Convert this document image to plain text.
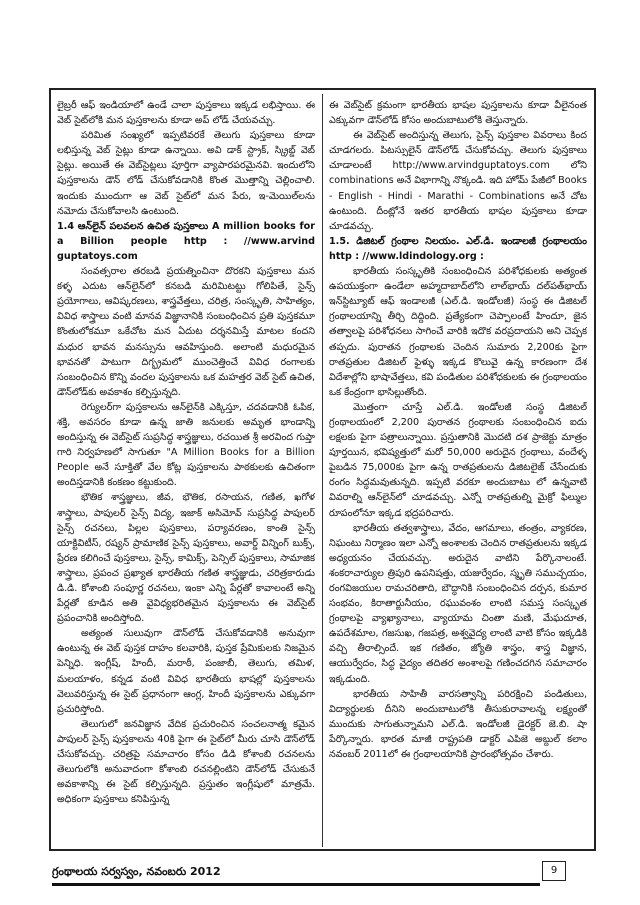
లైబ్రరీ ఆఫ్ ఇండియాలో ఉండే చాలా పుస్తకాలు ఇక్కడ లభిస్తాయి. ఈ వెబ్ సైట్‌లోకి మన పుస్తకాలను కూడా అప్ లోడ్ చేయవచ్చు.

పరిమిత సంఖ్యలో ఇప్పటివరకే తెలుగు పుస్తకాలు కూడా లభిస్తున్న వెబ్ సైట్లు కూడా ఉన్నాయి. అవి డాక్ స్ట్రాక్, స్క్రిబ్డ్ వెబ్ సైట్లు. అయితే ఈ వెబ్‌సైట్లలు పూర్తిగా వ్యాపారపరమైనవి. ఇందులోని పుస్తకాలను డౌన్ లోడ్ చేసుకోవడానికి కొంత మొత్తాన్ని చెల్లించాలి. ఇందుకు ముందుగా ఆ వెబ్ సైట్‌లో మన పేరు, ఇ-మెయిల్‌లను నమోదు చేసుకోవాలసి ఉంటుంది.

1.4 ఆన్‌లైన్ పలవలన ఉచిత పుస్తకాలు A million books for a Billion people http : //www.arvind guptatoys.com

సంవత్సరాల తరబడి ప్రయత్నించినా దొరకని పుస్తకాలు మన కళ్ళ ఎదుట ఆన్‌లైన్‌లో కనబడి మరిమిటట్టు గోలిపితే, సైన్స్ ప్రయోగాలు, ఆవిష్కరణలు, శాస్త్రవేత్తలు, చరిత్ర, సంస్కృతి, సాహిత్యం, వివిధ శాస్త్రాలు వంటి మానవ విజ్ఞానానికి సంబంధించిన ప్రతి పుస్తకమూ కొంతులోకమూ ఒకేచోట మన ఏదుట దర్శనమిస్తే మాటల కందని మధుర భావన మనస్సును ఆవహిస్తుంది. అలాంటి మధురమైన భావనతో పాటుగా దిగ్భ్రమలో ముంచెత్తించే వివిధ రంగాలకు సంబంధించిన కొన్ని వందల పుస్తకాలను ఒక మహత్తర వెబ్ సైట్ ఉచిత, డౌన్‌లోడ్‌కు అవకాశం కల్పిస్తున్నది.

రెగ్యులర్‌గా పుస్తకాలను ఆన్‌లైన్‌కి ఎక్కిస్తూ, చదవడానికి ఓపిక, శక్తి, అవసరం కూడా ఉన్న జాతి జనులకు అమృత భాండాన్ని అందిస్తున్న ఈ వెబ్‌సైట్ సుప్రసిద్ధ శాస్త్రజ్ఞులు, రచయిత శ్రీ అరవింద గుప్తా గారి నిర్వహణలో సాగుతూ "A Million Books for a Billion People అనే సూక్తితో వేల కోట్ల పుస్తకాలను పాఠకులకు ఉచితంగా అందిస్తడానికి కంకణం కట్టుకుంది.

భౌతిక శాస్త్రజ్ఞులు, జీవ, భౌతిక, రసాయన, గణిత, ఖగోళ శాస్త్రాలు, పాపులర్ సైన్స్ విద్య, ఇజాక్ అసిమోవ్ సుప్రసిద్ధ పాపులర్ సైన్స్ రచనలు, పిల్లల పుస్తకాలు, పర్యావరణం, కాంతి సైన్స్ యాక్టివిటీస్, రష్యన్ ప్రామాణిక సైన్స్ పుస్తకాలు, అవార్డ్ విన్నింగ్ బుక్స్, ప్రేరణ కలిగించే పుస్తకాలు, సైన్స్, కామిక్స్, పెన్సిల్ పుస్తకాలు, సామాజిక శాస్త్రాలు, ప్రపంచ ప్రఖ్యాత భారతీయ గణిత శాస్త్రజ్ఞుడు, చరిత్రకారుడు డి.డి. కోశాంబి సంపూర్ణ రచనలు, ఇంకా ఎన్ని పేర్లతో కావాలంటే అన్ని పేర్లతో కూడిన అతి వైవిధ్యభరితమైన పుస్తకాలను ఈ వెబ్‌సైట్ ప్రపంచానికి అందిస్తోంది.

అత్యంత సులువుగా డౌన్‌లోడ్ చేసుకోవడానికి అనువుగా ఉంటున్న ఈ వెబ్ పుస్తక దాహం కలవారికి, పుస్తక ప్రేమికులకు నిజమైన పెన్నిధి. ఇంగ్లీష్, హిందీ, మరాఠీ, పంజాబీ, తెలుగు, తమిళ, మలయాళం, కన్నడ వంటి వివిధ భారతీయ భాషల్లో పుస్తకాలను వెలువరిస్తున్న ఈ సైట్ ప్రధానంగా ఆంగ్ల, హిందీ పుస్తకాలను ఎక్కువగా ప్రచురిస్తోంది.

తెలుగులో జనవిజ్ఞాన వేదిక ప్రచురించిన సంచలనాత్మ కమైన పాపులర్ సైన్స్ పుస్తకాలను 40కి పైగా ఈ సైట్‌లో మీరు చూసి డౌన్‌లోడ్ చేసుకోవచ్చు. చరిత్రపై సమాచారం కోసం డిడి కోశాంబి రచనలను తెలుగులోకి అనువాదంగా కోశాంబి రచనల్లింటిని డౌన్‌లోడ్ చేసుకునే అవకాశాన్ని ఈ సైట్ కల్పిస్తున్నది. ప్రస్తుతం ఇంగ్లీషులో మాత్రమే. అధికంగా పుస్తకాలు కనిపిస్తున్న

ఈ వెబ్‌సైట్ క్రమంగా భారతీయ భాషల పుస్తకాలను కూడా వీలైనంత ఎక్కువగా డౌన్‌లోడ్ కోసం అందుబాటులోకి తెస్తున్నారు.

ఈ వెబ్‌సైట్ అందిస్తున్న తెలుగు, సైన్స్ పుస్తకాల వివరాలు కింద చూడగలరు. పిటస్సులైన్ డౌన్‌లోడ్ చేసుకోవచ్చు. తెలుగు పుస్తకాలు చూడాలంటే http://www.arvindguptatoys.com లోని combinations అనే విభాగాన్ని నొక్కండి. ఇది హోమ్ పేజీలో Books - English - Hindi - Marathi - Combinations అనే చోట ఉంటుంది. దీంట్లోనే ఇతర భారతీయ భాషల పుస్తకాలు కూడా చూడవచ్చు.

1.5. డిజిటల్ గ్రంథాల నిలయం. ఎల్.డి. ఇండాలజీ గ్రంథాలయం http : //www.ldindology.org :

భారతీయ సంస్కృతికి సంబంధించిన పరిశోధకులకు అత్యంత ఉపయుక్తంగా ఉండేలా అహ్మదాబాద్‌లోని లాల్‌భాయ్ దల్‌పత్‌భాయ్ ఇన్‌స్టిట్యూట్ ఆఫ్ ఇండాలజీ (ఎల్.డి. ఇండోలజీ) సంస్థ ఈ డిజిటల్ గ్రంథాలయాన్ని తీర్చి దిద్దింది. ప్రత్యేకంగా చెప్పాలంటే హిందూ, జైన తత్వాలపై పరిశోధనలు సాగించే వారికి ఇదొక వరప్రదాయని అని చెప్పక తప్పదు. పురాతన గ్రంథాలకు చెందిన సుమారు 2,200కు పైగా రాతప్రతుల డిజిటల్ ఫైళ్ళు ఇక్కడ కొలువై ఉన్న కారణంగా దేశ విదేశాల్లోని భాషావేత్తలు, కవి పండితుల పరిశోధకులకు ఈ గ్రంథాలయం ఒక కేంద్రంగా భాసిల్లుతోంది.

మొత్తంగా చూస్తే ఎల్.డి. ఇండోలజీ సంస్థ డిజిటల్ గ్రంథాలయంలో 2,200 పురాతన గ్రంథాలకు సంబంధించిన ఐదు లక్షలకు పైగా పత్రాలున్నాయి. ప్రస్తుతానికి మొదటి దశ ప్రాజెక్టు మాత్రం పూర్తయిన, భవిష్యత్తులో మరో 50,000 అరుదైన గ్రంథాలు, వందేళ్ళ పైబడిన 75,000కు పైగా ఉన్న రాతప్రతులను డిజిటలైజ్ చేసేందుకు రంగం సిద్ధమవుతున్నది. ఇప్పటి వరకూ అందుబాటు లో ఉన్నవాటి వివరాల్ని ఆన్‌లైన్‌లో చూడవచ్చు. ఎన్నో రాతప్రతుల్ని మైక్రో ఫిల్ముల రూపంలోనూ ఇక్కడ భద్రపరిచారు.

భారతీయ తత్వశాస్త్రాలు, వేదం, ఆగమాలు, తంత్రం, వ్యాకరణ, నిఘంటు నిర్మాణం ఇలా ఎన్నో అంశాలకు చెందిన రాతప్రతులను ఇక్కడ అధ్యయనం చేయవచ్చు. అరుదైన వాటిని పేర్కొనాలంటే. శంకరాచార్యుల త్రిపురి ఉపనిషత్తు, యజుర్వేదం, స్మృతి సముచ్చయం, రంగవిజయుల రామచరితాది, బౌద్ధానికి సంబంధించిన దర్పన, కుమార సంభవం, కిరాతార్జునీయం, రఘువంశం లాంటి సమస్త సంస్కృత గ్రంథాలపై వ్యాఖ్యానాలు, వ్యాయామ చింతా మణి, మేఘదూత, ఉపదేశమాల, గజసుఖ, గజపత్ర, అశ్వవైద్య లాంటి వాటి కోసం ఇక్కడికి వచ్చి తీరాల్సిందే. ఇక గణితం, జ్యోతి శాస్త్రం, శాస్త్ర విజ్ఞాన, ఆయుర్వేదం, సిద్ధ వైద్యం తదితర అంశాలపై గణించదగిన సమాచారం ఇక్కడుంది.

భారతీయ సాహితీ వారసత్వాన్ని పరిరక్షించి పండితులు, విద్యార్థులకు దీనిని అందుబాటులోకి తీసుకురావాలన్న లక్ష్యంతో ముందుకు సాగుతున్నామని ఎల్.డి. ఇండోలజీ డైరక్టర్ జె.బి. షా పేర్కొన్నారు. భారత మాజీ రాష్ట్రపతి డాక్టర్ ఎపిజె అబ్దుల్ కలాం నవంబర్ 2011లో ఈ గ్రంథాలయానికి ప్రారంభోత్సవం చేశారు.

గ్రంథాలయ సర్వస్వం, నవంబరు 2012	9
